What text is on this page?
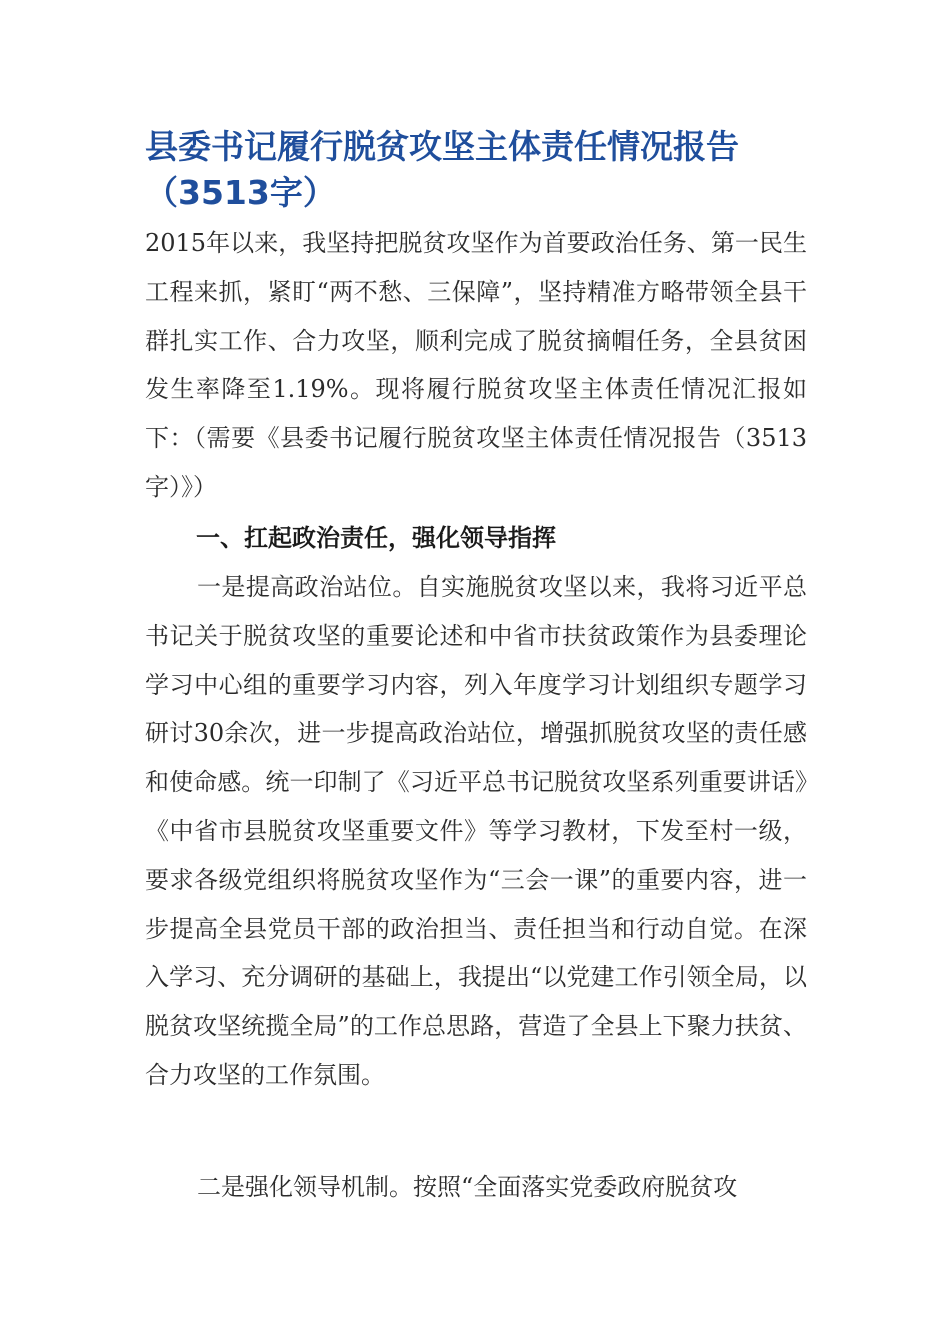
县委书记履行脱贫攻坚主体责任情况报告
（3513字）

2015年以来，我坚持把脱贫攻坚作为首要政治任务、第一民生工程来抓，紧盯“两不愁、三保障”，坚持精准方略带领全县干群扎实工作、合力攻坚，顺利完成了脱贫摘帽任务，全县贫困发生率降至1.19%。现将履行脱贫攻坚主体责任情况汇报如下：（需要《县委书记履行脱贫攻坚主体责任情况报告（3513字）》）

一、扛起政治责任，强化领导指挥

一是提高政治站位。自实施脱贫攻坚以来，我将习近平总书记关于脱贫攻坚的重要论述和中省市扶贫政策作为县委理论学习中心组的重要学习内容，列入年度学习计划组织专题学习研讨30余次，进一步提高政治站位，增强抓脱贫攻坚的责任感和使命感。统一印制了《习近平总书记脱贫攻坚系列重要讲话》《中省市县脱贫攻坚重要文件》等学习教材，下发至村一级，要求各级党组织将脱贫攻坚作为“三会一课”的重要内容，进一步提高全县党员干部的政治担当、责任担当和行动自觉。在深入学习、充分调研的基础上，我提出“以党建工作引领全局，以脱贫攻坚统揽全局”的工作总思路，营造了全县上下聚力扶贫、合力攻坚的工作氛围。

二是强化领导机制。按照“全面落实党委政府脱贫攻
